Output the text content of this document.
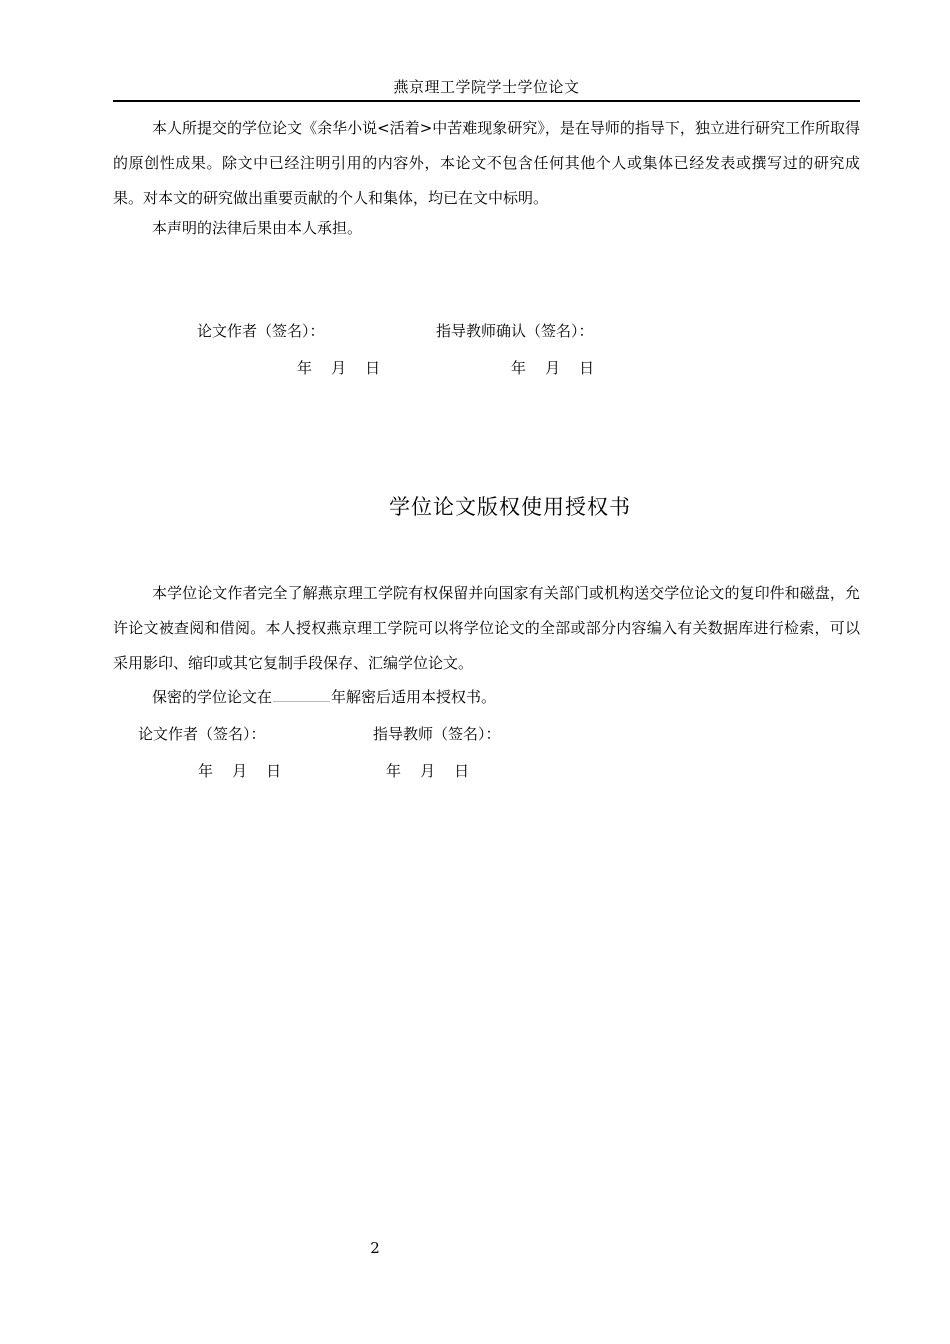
燕京理工学院学士学位论文

本人所提交的学位论文《余华小说<活着>中苦难现象研究》，是在导师的指导下，独立进行研究工作所取得的原创性成果。除文中已经注明引用的内容外，本论文不包含任何其他个人或集体已经发表或撰写过的研究成果。对本文的研究做出重要贡献的个人和集体，均已在文中标明。

本声明的法律后果由本人承担。

论文作者（签名）：	指导教师确认（签名）：
年    月    日	年    月    日
学位论文版权使用授权书

本学位论文作者完全了解燕京理工学院有权保留并向国家有关部门或机构送交学位论文的复印件和磁盘，允许论文被查阅和借阅。本人授权燕京理工学院可以将学位论文的全部或部分内容编入有关数据库进行检索，可以采用影印、缩印或其它复制手段保存、汇编学位论文。

保密的学位论文在	年解密后适用本授权书。
论文作者（签名）：	指导教师（签名）：
年    月    日	年    月    日
2
